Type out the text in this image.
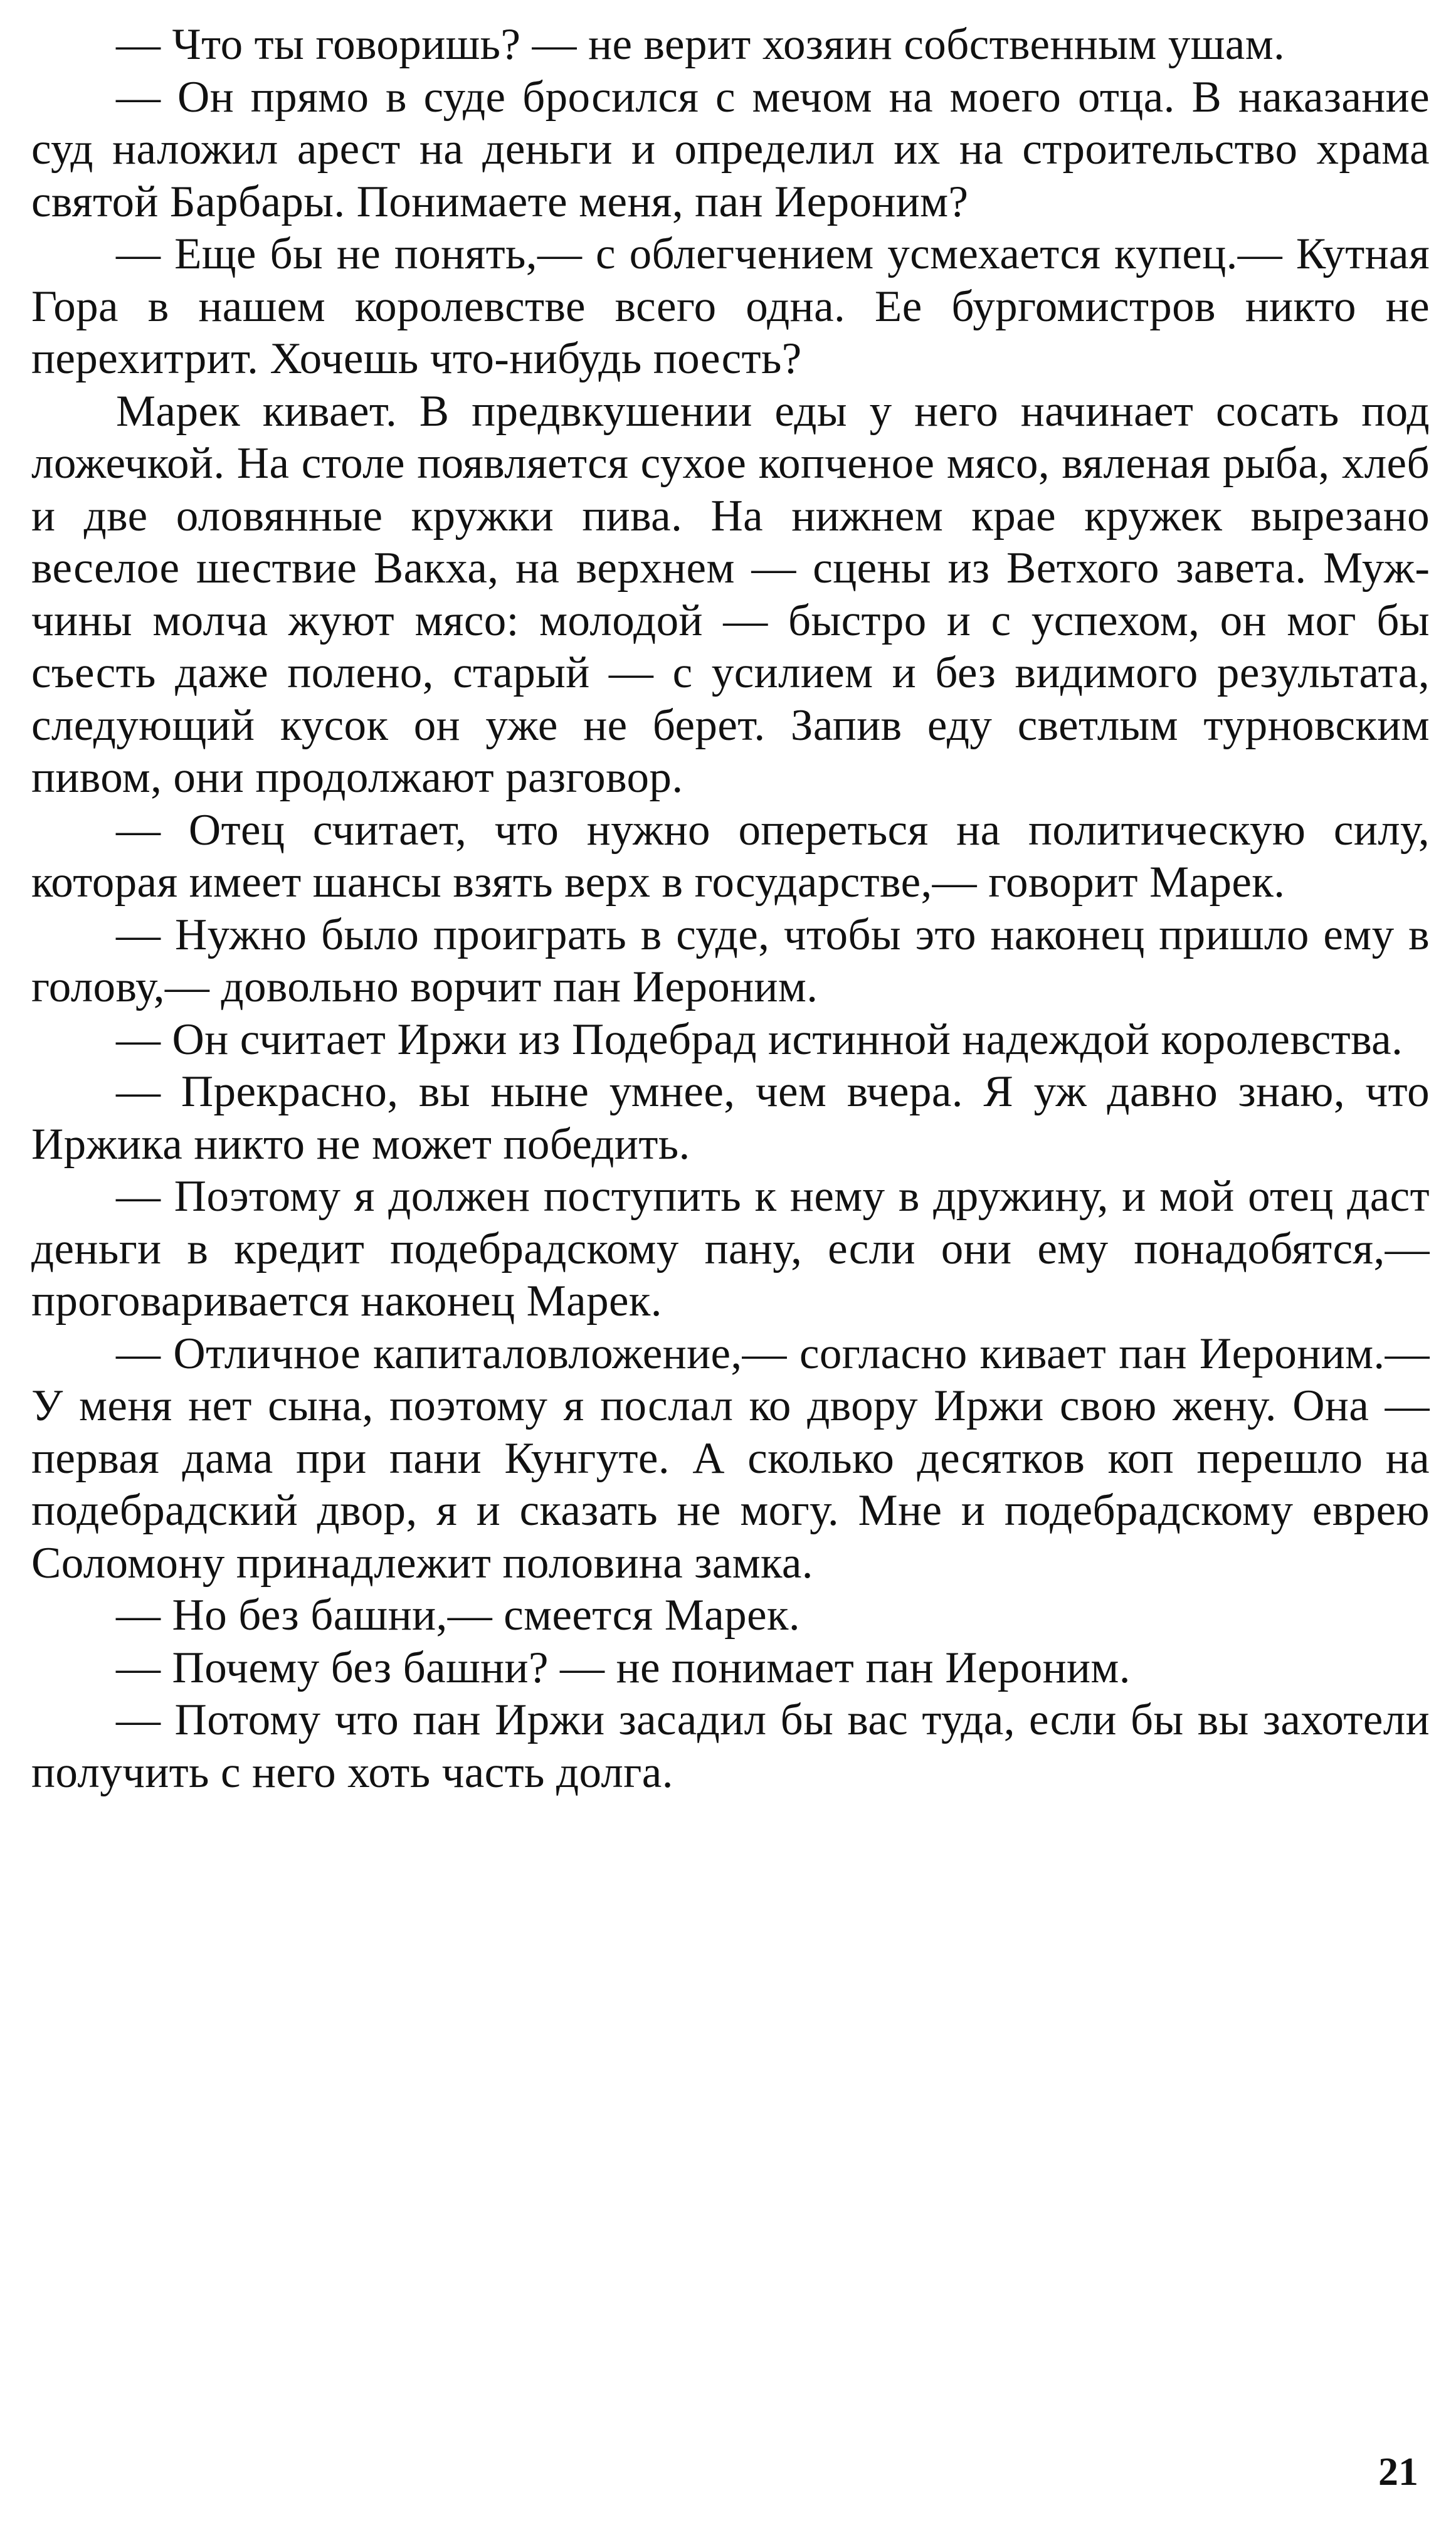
— Что ты говоришь? — не верит хозяин собственным ушам.

— Он прямо в суде бросился с мечом на моего отца. В наказание суд наложил арест на деньги и определил их на строительство храма святой Барбары. Понимаете меня, пан Иероним?

— Еще бы не понять,— с облегчением усмехается купец.— Кутная Гора в нашем королевстве всего одна. Ее бургомистров никто не перехитрит. Хочешь что-нибудь поесть?

Марек кивает. В предвкушении еды у него начинает сосать под ложечкой. На столе появляется сухое копченое мясо, вяленая рыба, хлеб и две оловянные кружки пива. На нижнем крае кружек вырезано веселое шествие Вакха, на верхнем — сцены из Ветхого завета. Мужчины молча жуют мясо: молодой — быстро и с успехом, он мог бы съесть даже полено, старый — с усилием и без видимого результата, следующий кусок он уже не берет. Запив еду светлым турновским пивом, они продолжают разговор.

— Отец считает, что нужно опереться на политическую силу, которая имеет шансы взять верх в государстве,— говорит Марек.

— Нужно было проиграть в суде, чтобы это наконец пришло ему в голову,— довольно ворчит пан Иероним.

— Он считает Иржи из Подебрад истинной надеждой королевства.

— Прекрасно, вы ныне умнее, чем вчера. Я уж давно знаю, что Иржика никто не может победить.

— Поэтому я должен поступить к нему в дружину, и мой отец даст деньги в кредит подебрадскому пану, если они ему понадобятся,— проговаривается наконец Марек.

— Отличное капиталовложение,— согласно кивает пан Иероним.— У меня нет сына, поэтому я послал ко двору Иржи свою жену. Она — первая дама при пани Кунгуте. А сколько десятков коп перешло на подебрадский двор, я и сказать не могу. Мне и подебрадскому еврею Соломону принадлежит половина замка.

— Но без башни,— смеется Марек.

— Почему без башни? — не понимает пан Иероним.

— Потому что пан Иржи засадил бы вас туда, если бы вы захотели получить с него хоть часть долга.

21
